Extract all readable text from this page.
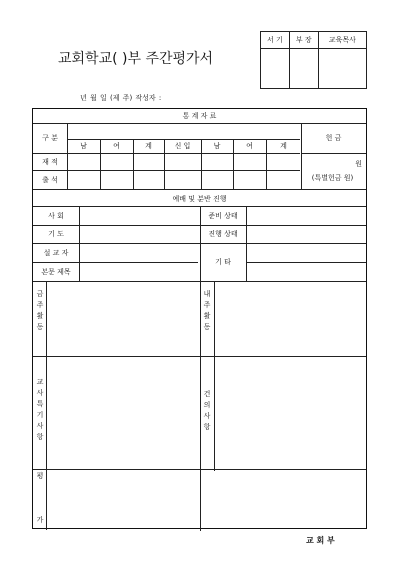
서 기	부 장	교육목사

교회학교( )부 주간평가서
년 월 일 (제 주) 작성자 :
통 계 자 료
구 분
남	여	계	신 입	남	여	계
헌 금
원
(특별헌금 원)
재 적
출 석
예배 및 분반 진행
사 회	준비 상태
기 도	진행 상태
설 교 자
기 타
본문 제목
금
주
활
동
내
주
활
동
교
사
특
기
사
항
건
의
사
항
평
가
교 회 부
